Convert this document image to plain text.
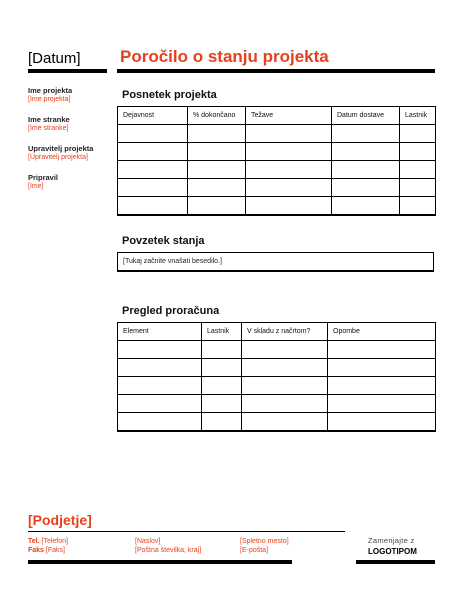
[Datum] Poročilo o stanju projekta
Ime projekta
[Ime projekta]
Ime stranke
[Ime stranke]
Upravitelj projekta
[Upravitelj projekta]
Pripravil
[Ime]
Posnetek projekta
Dejavnost	% dokončano	Težave	Datum dostave	Lastnik

Povzetek stanja
[Tukaj začnite vnašati besedilo.]
Pregled proračuna
Element	Lastnik	V skladu z načrtom?	Opombe

[Podjetje]
Tel. [Telefon]
Faks [Faks]
[Naslov]
[Poštna številka, kraj]
[Spletno mesto]
[E-pošta]
Zamenjajte z
LOGOTIPOM
